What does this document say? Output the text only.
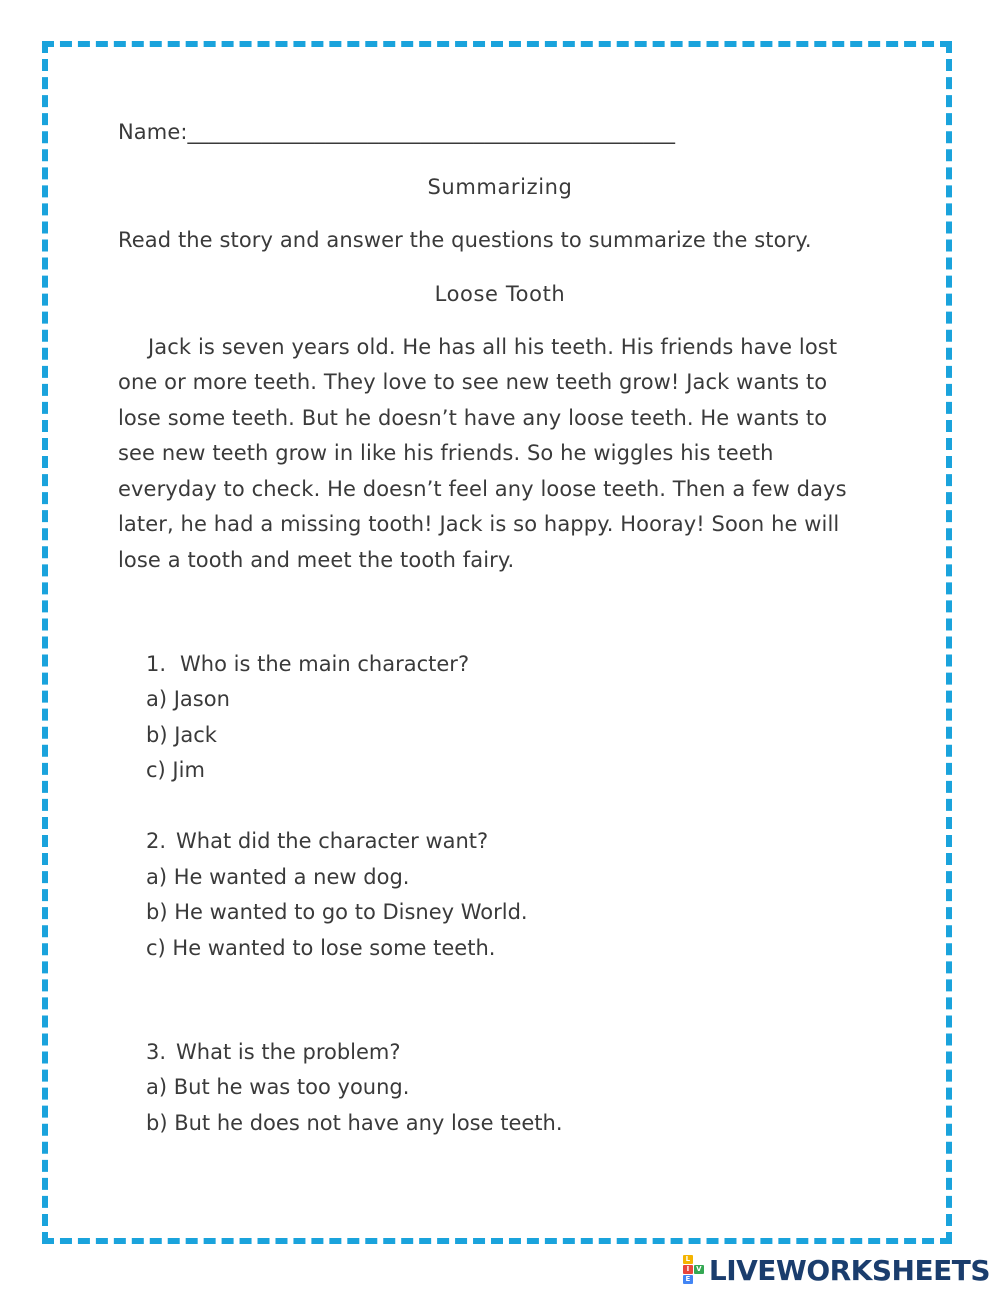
Name:______________________________________________
Summarizing
Read the story and answer the questions to summarize the story.
Loose Tooth
Jack is seven years old. He has all his teeth. His friends have lost
one or more teeth. They love to see new teeth grow! Jack wants to
lose some teeth. But he doesn’t have any loose teeth. He wants to
see new teeth grow in like his friends. So he wiggles his teeth
everyday to check. He doesn’t feel any loose teeth. Then a few days
later, he had a missing tooth! Jack is so happy. Hooray! Soon he will
lose a tooth and meet the tooth fairy.
1. Who is the main character?
a) Jason
b) Jack
c) Jim
2. What did the character want?
a) He wanted a new dog.
b) He wanted to go to Disney World.
c) He wanted to lose some teeth.
3. What is the problem?
a) But he was too young.
b) But he does not have any lose teeth.
L
I V
E LIVEWORKSHEETS
